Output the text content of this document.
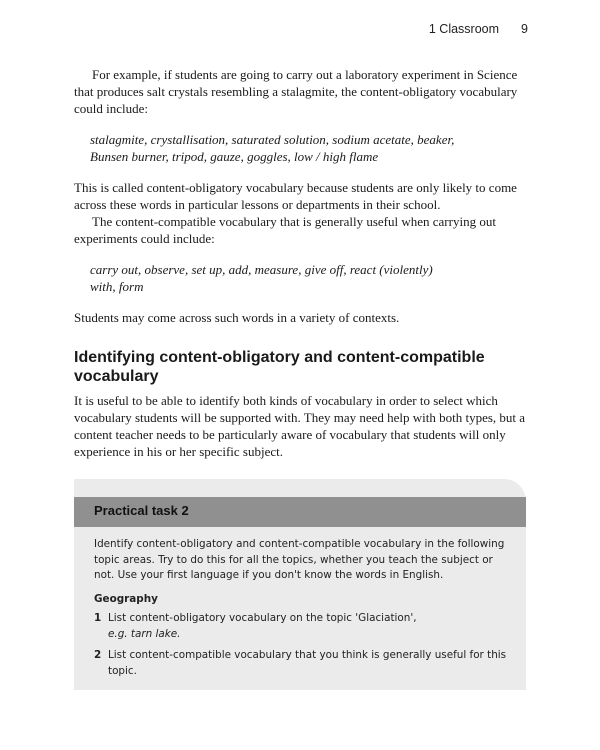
1 Classroom 9

For example, if students are going to carry out a laboratory experiment in Science that produces salt crystals resembling a stalagmite, the content-obligatory vocabulary could include:

stalagmite, crystallisation, saturated solution, sodium acetate, beaker,
Bunsen burner, tripod, gauze, goggles, low / high flame

This is called content-obligatory vocabulary because students are only likely to come across these words in particular lessons or departments in their school.

The content-compatible vocabulary that is generally useful when carrying out experiments could include:

carry out, observe, set up, add, measure, give off, react (violently)
with, form

Students may come across such words in a variety of contexts.

Identifying content-obligatory and content-compatible vocabulary

It is useful to be able to identify both kinds of vocabulary in order to select which vocabulary students will be supported with. They may need help with both types, but a content teacher needs to be particularly aware of vocabulary that students will only experience in his or her specific subject.

Practical task 2

Identify content-obligatory and content-compatible vocabulary in the following topic areas. Try to do this for all the topics, whether you teach the subject or not. Use your first language if you don't know the words in English.

Geography

1 List content-obligatory vocabulary on the topic 'Glaciation',
e.g. tarn lake.
2 List content-compatible vocabulary that you think is generally useful for this topic.
